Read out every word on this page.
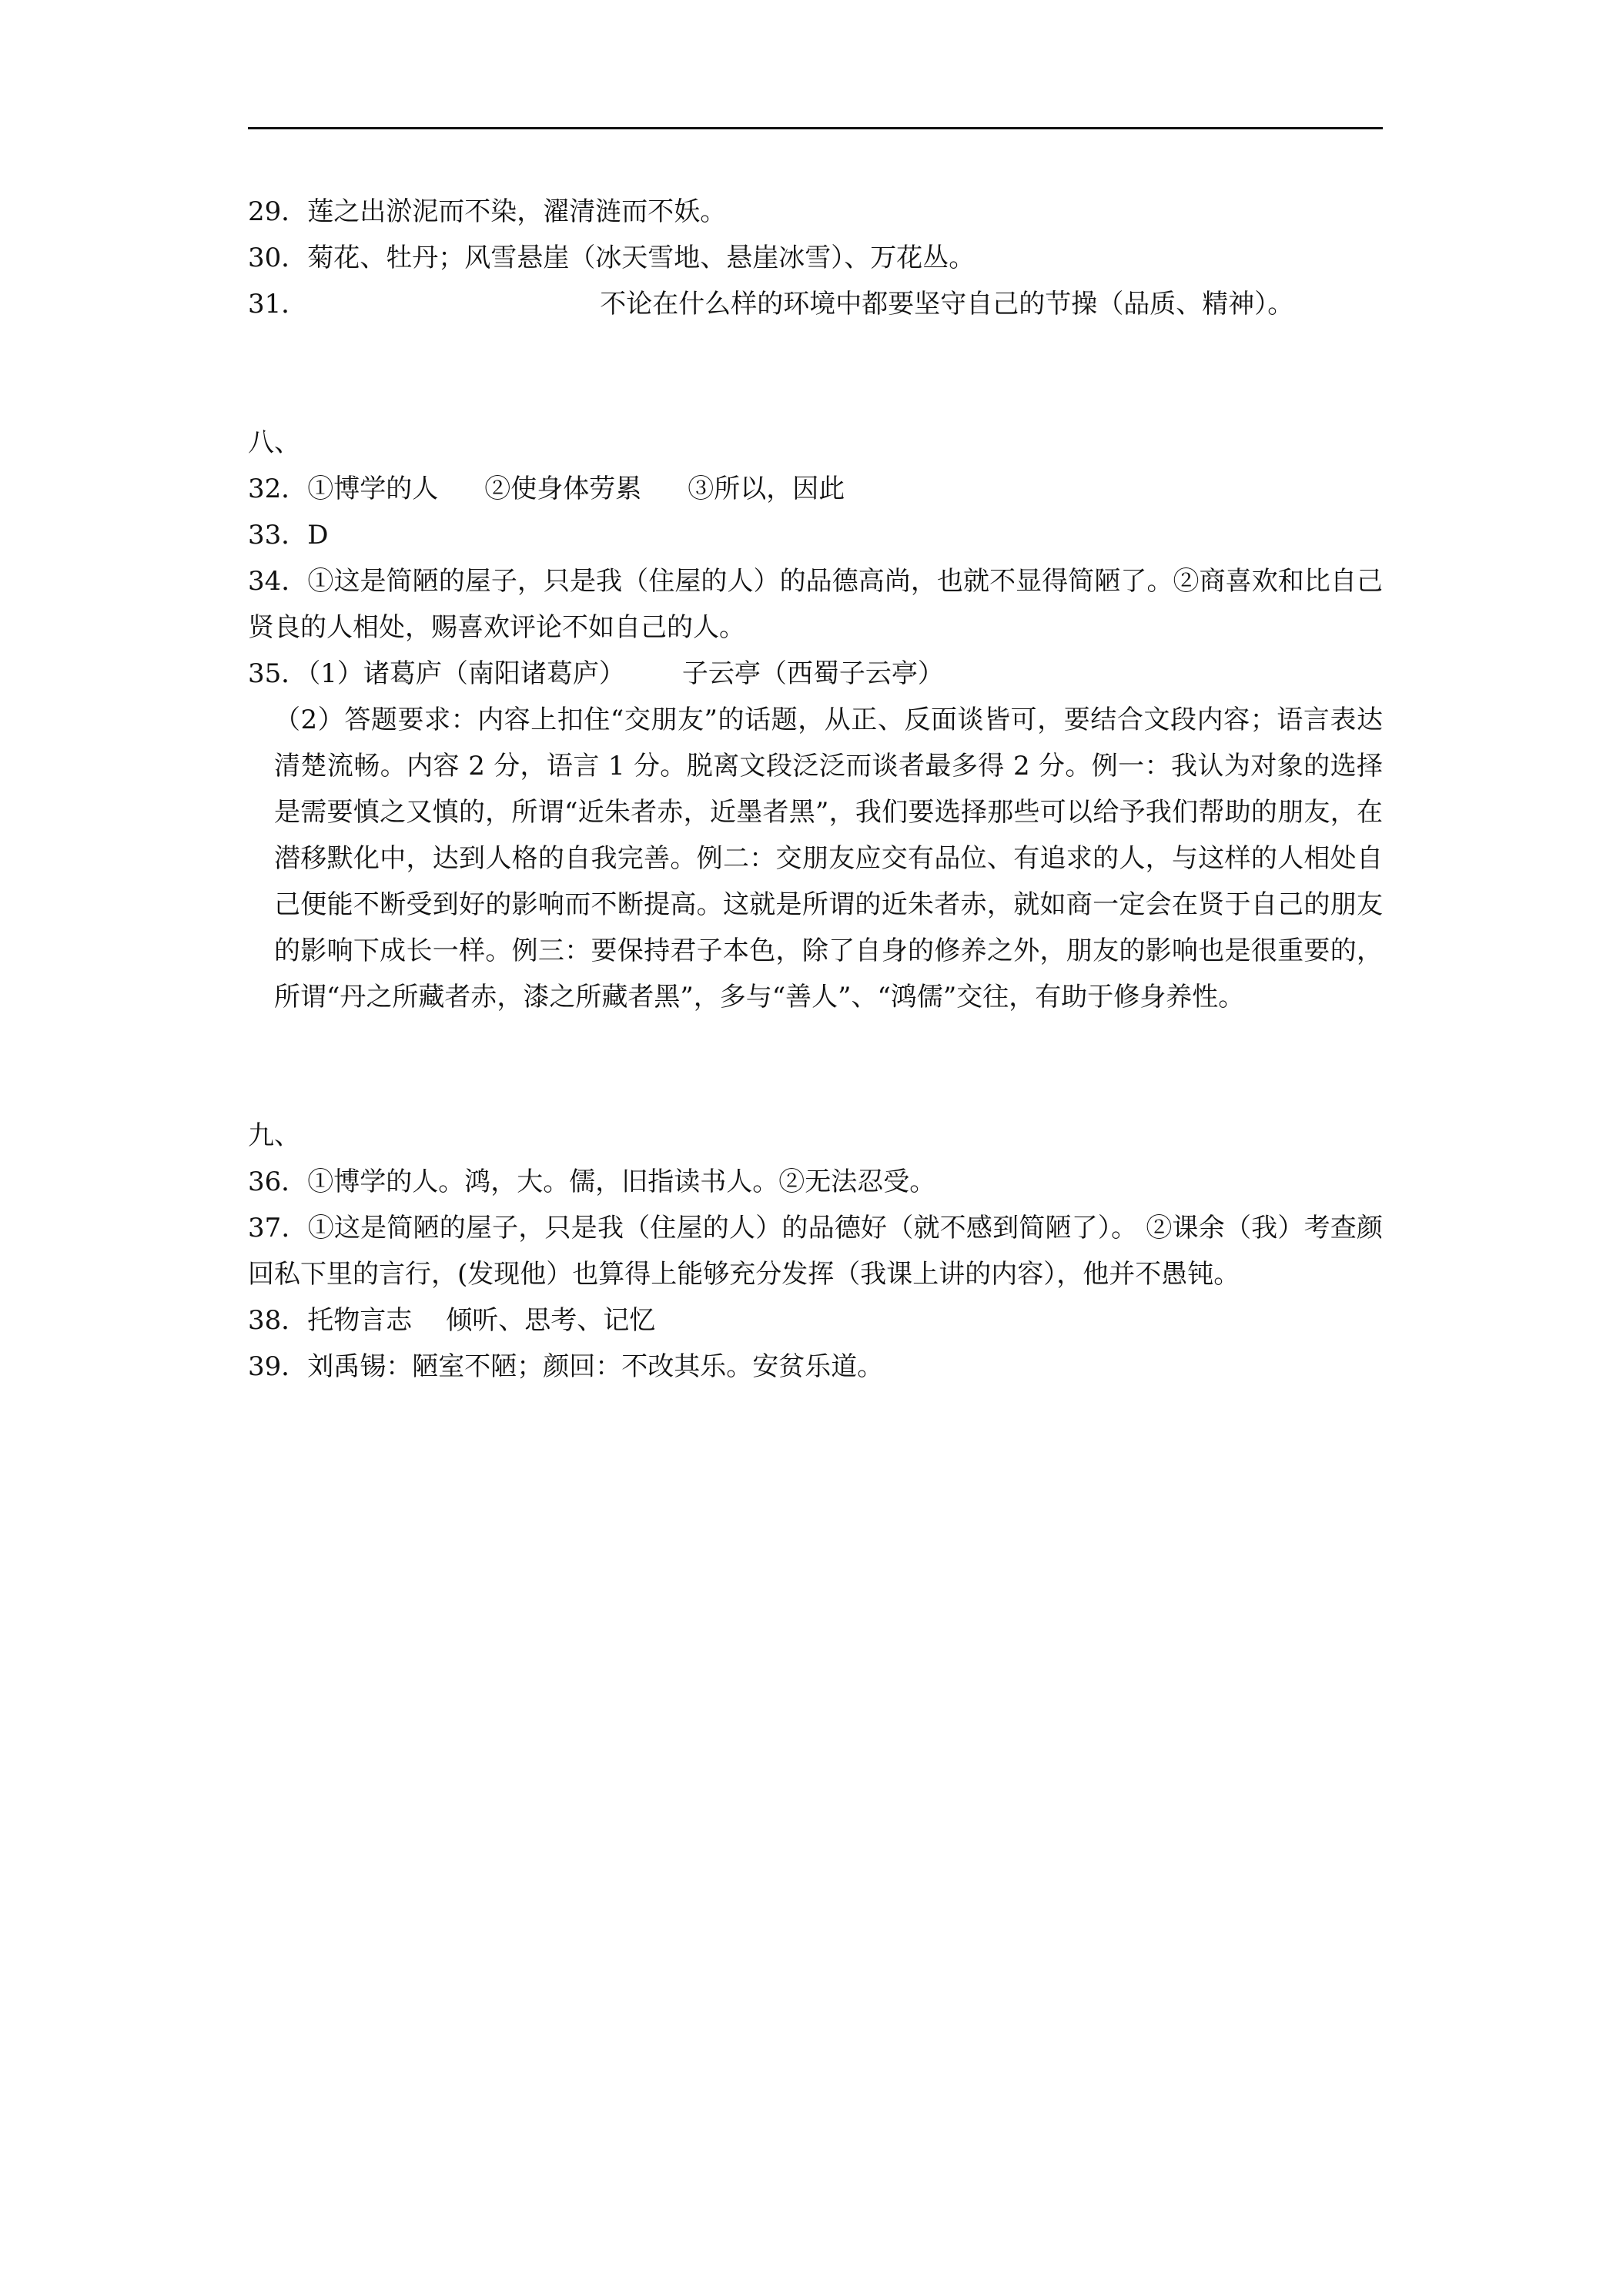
29．莲之出淤泥而不染，濯清涟而不妖。

30．菊花、牡丹；风雪悬崖（冰天雪地、悬崖冰雪）、万花丛。

31．	不论在什么样的环境中都要坚守自己的节操（品质、精神）。

八、

32．①博学的人 ②使身体劳累 ③所以，因此

33．D

34．①这是简陋的屋子，只是我（住屋的人）的品德高尚，也就不显得简陋了。②商喜欢和比自己贤良的人相处，赐喜欢评论不如自己的人。

35．（1）诸葛庐（南阳诸葛庐） 子云亭（西蜀子云亭）

（2）答题要求：内容上扣住“交朋友”的话题，从正、反面谈皆可，要结合文段内容；语言表达清楚流畅。内容 2 分，语言 1 分。脱离文段泛泛而谈者最多得 2 分。例一：我认为对象的选择是需要慎之又慎的，所谓“近朱者赤，近墨者黑”，我们要选择那些可以给予我们帮助的朋友，在潜移默化中，达到人格的自我完善。例二：交朋友应交有品位、有追求的人，与这样的人相处自己便能不断受到好的影响而不断提高。这就是所谓的近朱者赤，就如商一定会在贤于自己的朋友的影响下成长一样。例三：要保持君子本色，除了自身的修养之外，朋友的影响也是很重要的，所谓“丹之所藏者赤，漆之所藏者黑”，多与“善人”、“鸿儒”交往，有助于修身养性。

九、

36．①博学的人。鸿，大。儒，旧指读书人。②无法忍受。

37．①这是简陋的屋子，只是我（住屋的人）的品德好（就不感到简陋了）。 ②课余（我）考查颜回私下里的言行，(发现他）也算得上能够充分发挥（我课上讲的内容），他并不愚钝。

38．托物言志 倾听、思考、记忆

39．刘禹锡：陋室不陋；颜回：不改其乐。安贫乐道。
